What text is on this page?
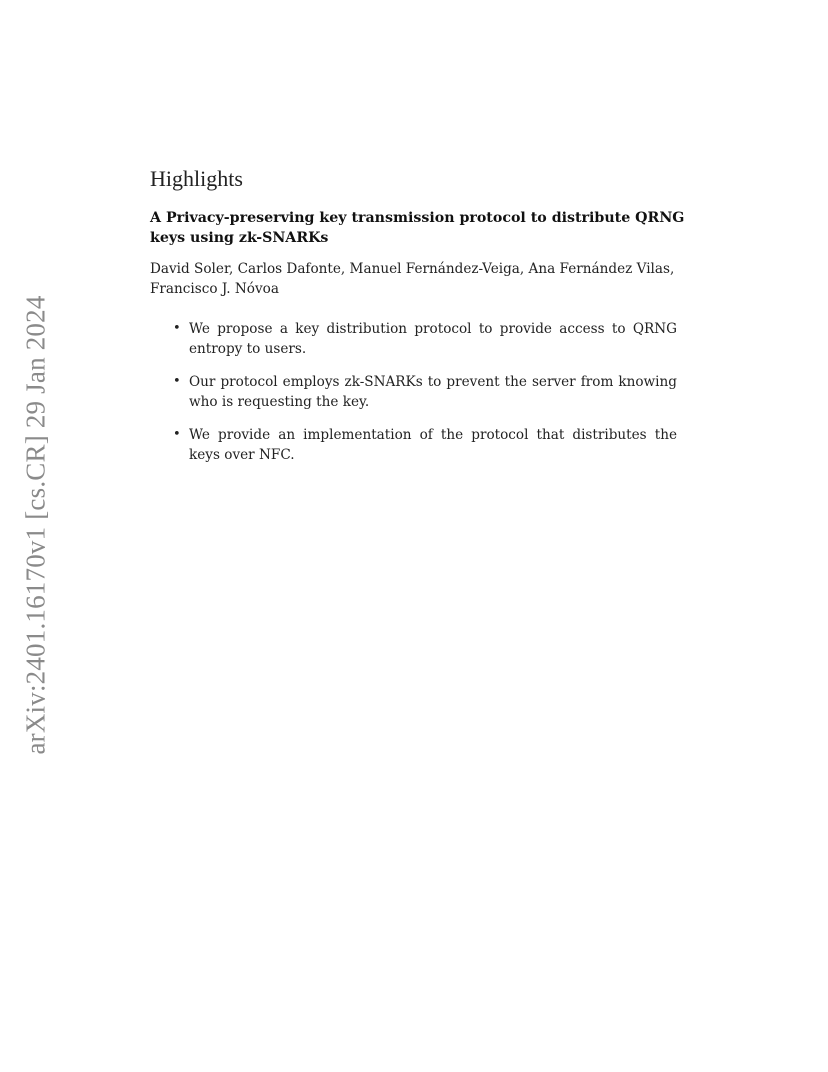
arXiv:2401.16170v1 [cs.CR] 29 Jan 2024
Highlights
A Privacy-preserving key transmission protocol to distribute QRNG keys using zk-SNARKs
David Soler, Carlos Dafonte, Manuel Fernández-Veiga, Ana Fernández Vilas, Francisco J. Nóvoa
• We propose a key distribution protocol to provide access to QRNG entropy to users.
• Our protocol employs zk-SNARKs to prevent the server from knowing who is requesting the key.
• We provide an implementation of the protocol that distributes the keys over NFC.
